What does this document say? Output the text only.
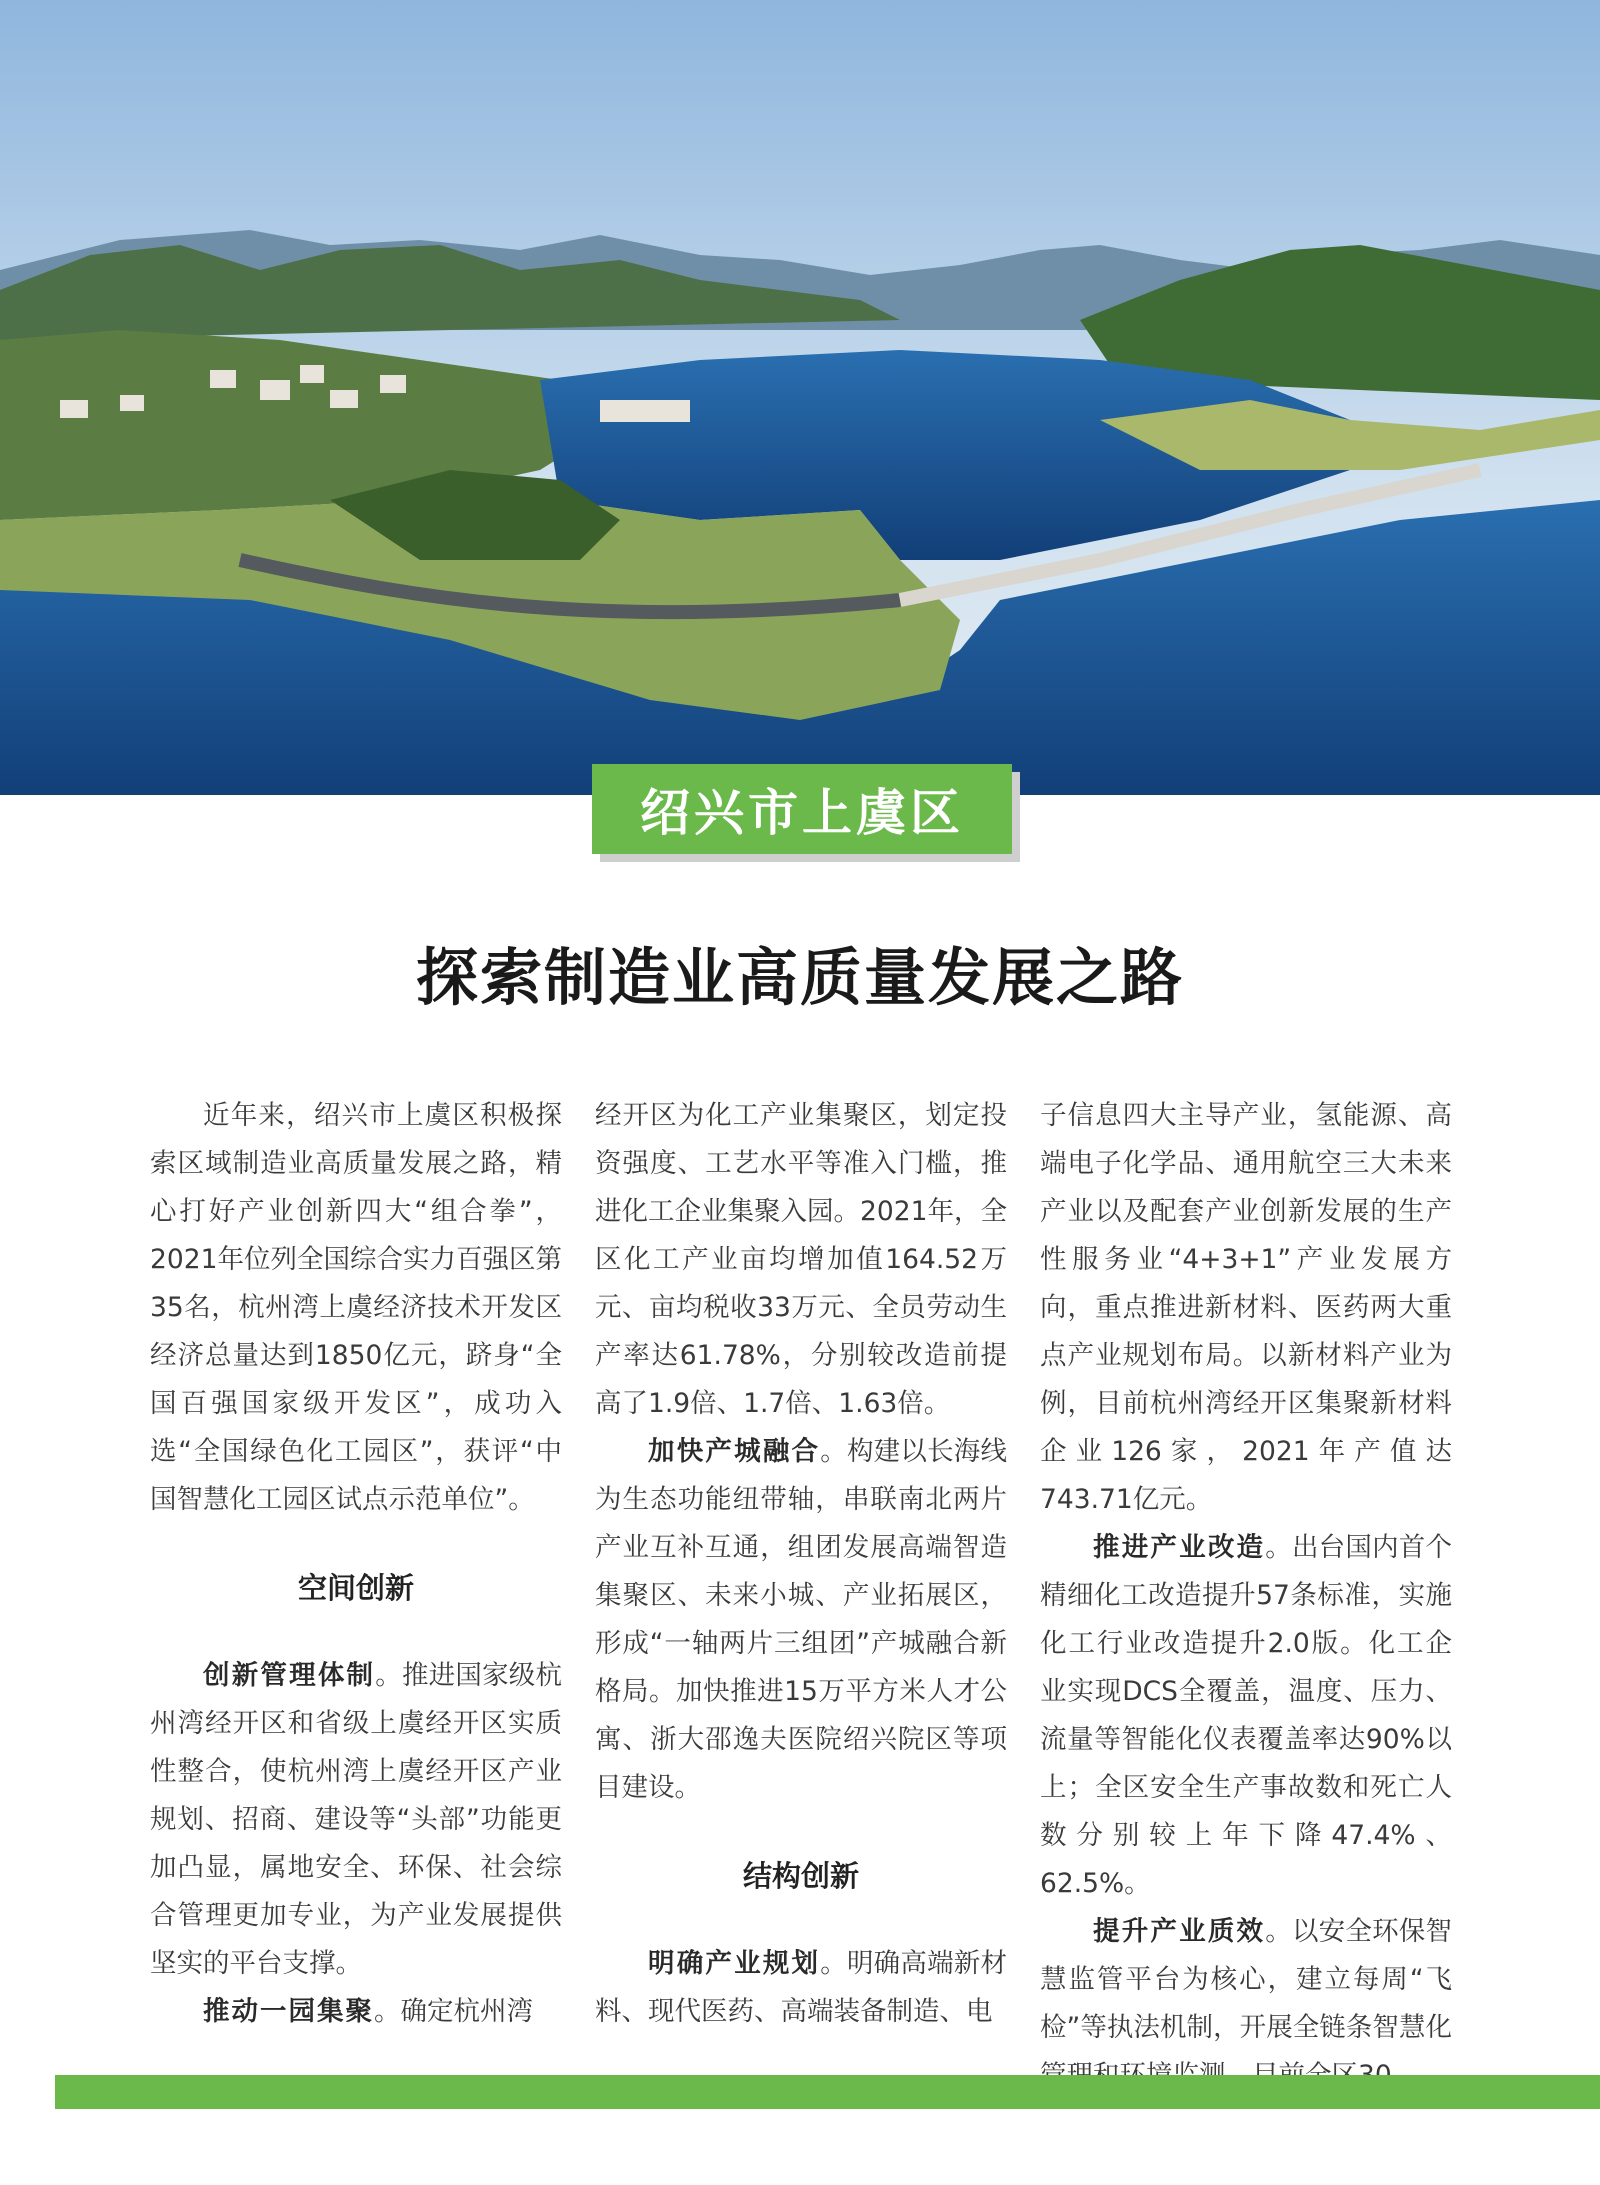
绍兴市上虞区
探索制造业高质量发展之路

近年来，绍兴市上虞区积极探索区域制造业高质量发展之路，精心打好产业创新四大“组合拳”，2021年位列全国综合实力百强区第35名，杭州湾上虞经济技术开发区经济总量达到1850亿元，跻身“全国百强国家级开发区”，成功入选“全国绿色化工园区”，获评“中国智慧化工园区试点示范单位”。

空间创新

创新管理体制。推进国家级杭州湾经开区和省级上虞经开区实质性整合，使杭州湾上虞经开区产业规划、招商、建设等“头部”功能更加凸显，属地安全、环保、社会综合管理更加专业，为产业发展提供坚实的平台支撑。

推动一园集聚。确定杭州湾

经开区为化工产业集聚区，划定投资强度、工艺水平等准入门槛，推进化工企业集聚入园。2021年，全区化工产业亩均增加值164.52万元、亩均税收33万元、全员劳动生产率达61.78%，分别较改造前提高了1.9倍、1.7倍、1.63倍。

加快产城融合。构建以长海线为生态功能纽带轴，串联南北两片产业互补互通，组团发展高端智造集聚区、未来小城、产业拓展区，形成“一轴两片三组团”产城融合新格局。加快推进15万平方米人才公寓、浙大邵逸夫医院绍兴院区等项目建设。

结构创新

明确产业规划。明确高端新材料、现代医药、高端装备制造、电

子信息四大主导产业，氢能源、高端电子化学品、通用航空三大未来产业以及配套产业创新发展的生产性服务业“4+3+1”产业发展方向，重点推进新材料、医药两大重点产业规划布局。以新材料产业为例，目前杭州湾经开区集聚新材料企业126家，2021年产值达743.71亿元。

推进产业改造。出台国内首个精细化工改造提升57条标准，实施化工行业改造提升2.0版。化工企业实现DCS全覆盖，温度、压力、流量等智能化仪表覆盖率达90%以上；全区安全生产事故数和死亡人数分别较上年下降47.4%、62.5%。

提升产业质效。以安全环保智慧监管平台为核心，建立每周“飞检”等执法机制，开展全链条智慧化
